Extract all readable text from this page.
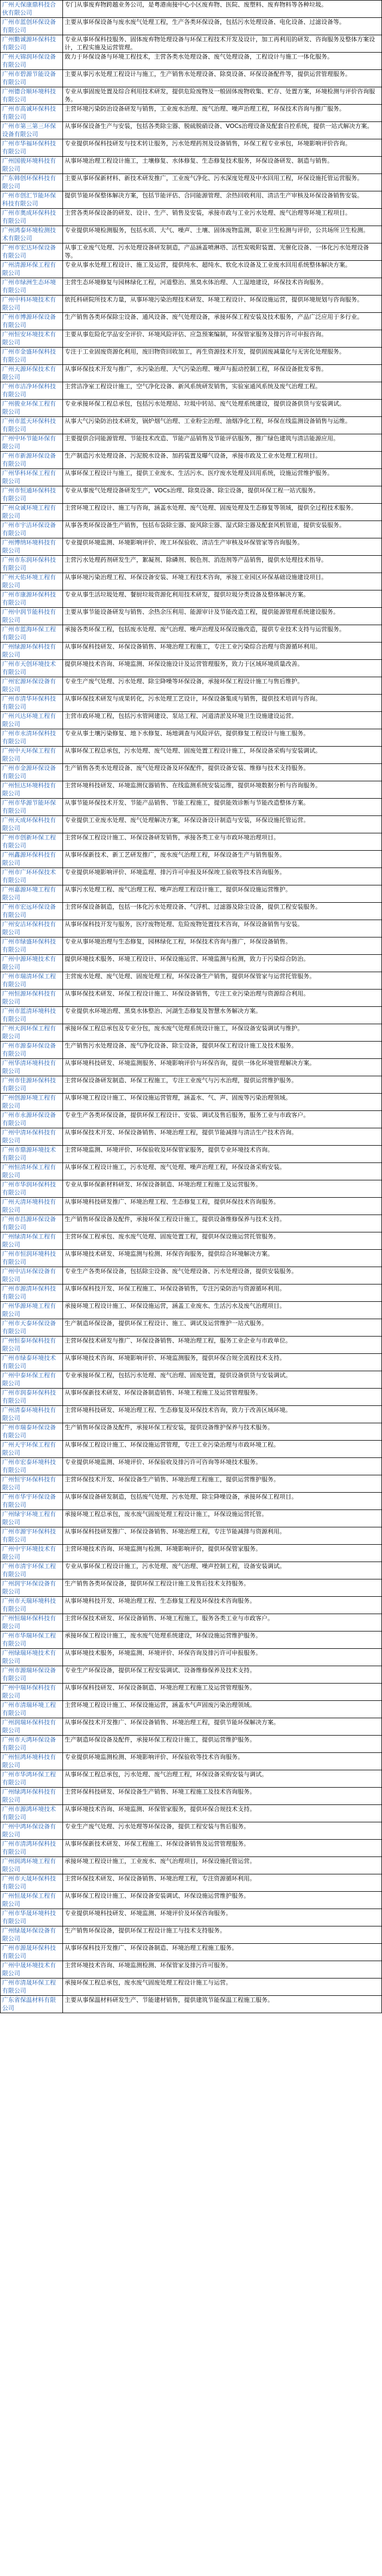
广州天保康鼎科技合伙有限公司	专门从事废弃物跨越业务公司，是粤港南接中心小区废弃物、医院、废塑料、废弃物料等各种垃圾。
广州市蓝创环保设备有限公司	主要从事环保设备与废水废气处理工程，生产各类环保设备，包括污水处理设备、电化设备、过滤设备等。
广州勤诚源环保科技有限公司	专业从事环保科技服务、固体废弃物处理设备与环保工程技术开发及设计，加工再利用的研发、咨询服务及整体方案设计，工程实施及运营管理。
广州天锦润环保设备有限公司	致力于环保设备与环境工程技术，主营各类水处理设备、废气处理设备，工程设计与施工一体化服务。
广州市碧源节能设备有限公司	主要从事污水处理工程设计与施工，生产销售水处理设备、除臭设备、环保设备配件等，提供运营管理服务。
广州德合顺环境科技有限公司	专业从事固废处置及综合利用技术研发，提供危险废物及一般固体废物收集、贮存、处置方案，环境检测与评价咨询服务。
广州市高诚环保科技有限公司	主营环境污染防治设备研发与销售，工业废水治理、废气治理、噪声治理工程，环保技术咨询与推广服务。
广州市第三第三环保设备有限公司	从事环保设备生产与安装，包括各类除尘器、脱硫脱硝设备、VOCs治理设备及配套自控系统，提供一站式解决方案。
广州市华福环保科技有限公司	专业提供环保科技研发与技术转让服务，污水处理药剂及设备销售，环保工程专业承包，环境影响评价咨询。
广州国骏环境科技有限公司	从事环境治理工程设计施工，土壤修复、水体修复、生态修复技术服务，环保设备研发、制造与销售。
广东韩创环保科技有限公司	主要从事环保新材料、新技术研发推广，工业废气净化、污水深度处理及中水回用工程，环保设施托管运营服务。
广州市创汇节能环保科技有限公司	提供节能环保整体解决方案，包括节能评估、合同能源管理、余热回收利用、清洁生产审核及环保设备销售安装。
广州市奥成环保科技有限公司	主营各类环保设备的研发、设计、生产、销售及安装，承接市政与工业污水处理、废气治理等环境工程项目。
广州鸿泰环境检测技术有限公司	专业提供环境检测服务，包括水质、大气、噪声、土壤、固体废物监测，职业卫生检测与评价，公共场所卫生检测。
广州市宏达环保设备有限公司	从事工业废气处理、污水处理设备研发制造，产品涵盖喷淋塔、活性炭吸附装置、光催化设备、一体化污水处理设备等。
广州清源环保工程有限公司	专业从事水处理工程设计、施工及运营，提供纯水、超纯水、软化水设备及工业废水回用系统整体解决方案。
广州市绿洲生态环境有限公司	主营生态环境修复与园林绿化工程，河道整治、黑臭水体治理、人工湿地建设，环保技术咨询服务。
广州中科环境技术有限公司	依托科研院所技术力量，从事环境污染治理技术研发、环境工程设计、环保设施运营，提供环境规划与咨询服务。
广州市博源环保设备有限公司	生产销售各类环保除尘设备、通风设备、废气处理设备，承接环保工程安装及技术服务，产品广泛应用于多行业。
广州恒安环境技术有限公司	主要从事危险化学品安全评价、环境风险评估、应急预案编制，环保管家服务及排污许可申报咨询。
广州市金盛环保科技有限公司	专注于工业固废资源化利用，废旧物资回收加工，再生资源技术开发，提供固废减量化与无害化处理服务。
广州天源环保技术有限公司	从事环保技术开发与推广，水污染治理、大气污染治理、噪声与振动控制工程，环保设备批发零售。
广州市洁净环保科技有限公司	主营洁净室工程设计施工，空气净化设备、新风系统研发销售，实验室通风系统及废气治理工程。
广州骏业环保工程有限公司	专业承接环保工程总承包，包括污水处理站、垃圾中转站、废气处理系统建设，提供设备供货与安装调试。
广州市蓝天环保科技有限公司	从事大气污染防治技术研发，锅炉烟气治理、工业粉尘治理、油烟净化工程，环保在线监测设备销售与运维。
广州中环节能环保有限公司	主要提供合同能源管理、节能技术改造、节能产品销售及节能评估服务，推广绿色建筑与清洁能源应用。
广州市新源环保设备有限公司	生产制造污水处理设备、污泥脱水设备、加药装置及曝气设备，承接市政及工业水处理工程项目。
广州华科环保工程有限公司	从事环保工程设计与施工，提供工业废水、生活污水、医疗废水处理及回用系统，设施运营维护服务。
广州市恒通环保科技有限公司	专业从事废气处理设备研发生产，VOCs治理、除臭设备、除尘设备，提供环保工程一站式服务。
广州众诚环境工程有限公司	主营环境工程设计、施工与咨询，涵盖水处理、废气处理、固废处理及生态修复等领域，提供全过程技术服务。
广州市宇洁环保设备有限公司	从事各类环保设备生产销售，包括布袋除尘器、旋风除尘器、湿式除尘器及配套风机管道，提供安装服务。
广州博纳环境科技有限公司	专业提供环境监测、环境影响评价、竣工环保验收、清洁生产审核及环保管家等咨询服务。
广州市东润环保科技有限公司	主营污水处理药剂研发生产，絮凝剂、除磷剂、脱色剂、消泡剂等产品销售，提供水处理技术指导。
广州天佑环境工程有限公司	从事环境污染治理工程、环保设备安装、环境工程技术咨询，承接工业园区环保基础设施建设项目。
广州市康源环保科技有限公司	专业从事生活垃圾处理、餐厨垃圾资源化利用技术研发，提供垃圾分类设备及整体解决方案。
广州中润节能科技有限公司	主要从事节能设备研发与销售、余热余压利用、能源审计及节能改造工程，提供能源管理系统建设服务。
广州市蓝海环保工程有限公司	承接各类环保工程，包括废水处理、废气治理、噪声治理及环保设施改造，提供专业技术支持与运营服务。
广州绿源环保科技有限公司	从事环保科技研发、环保设备销售、环境治理工程施工，专注工业污染综合治理与资源循环利用。
广州市天创环境技术有限公司	提供环境技术咨询、环境监测、环保设施设计及运营管理服务，致力于区域环境质量改善。
广州宏源环保设备有限公司	专业生产废气处理、污水处理、除尘降噪等环保设备，承接环保工程设计施工与售后维护。
广州市清华环保科技有限公司	从事环保技术研发与成果转化，污水处理工艺设计，环保设备集成与销售，提供技术培训与咨询。
广州兴达环境工程有限公司	主营市政环境工程，包括污水管网建设、泵站工程、河道清淤及环境卫生设施建设运营。
广州市永清环保科技有限公司	专业从事土壤污染修复、地下水修复、场地调查与风险评估，提供修复工程设计与施工服务。
广州中天环保工程有限公司	从事环保工程总承包，污水处理、废气处理、固废处置工程设计施工，环保设备采购与安装调试。
广州市金源环保设备有限公司	生产销售各类水处理设备、废气处理设备及环保配件，提供设备安装、维修与技术支持服务。
广州恒达环境科技有限公司	主营环境科技研发、环境监测仪器销售、在线监测系统安装运维，提供环境数据分析与咨询服务。
广州市华源节能环保有限公司	从事节能环保技术开发、节能产品销售、节能工程施工，提供能效诊断与节能改造整体方案。
广州天成环保科技有限公司	专业提供工业废水处理、废气处理解决方案，环保设备设计制造与安装，环保设施托管运营。
广州市创新环保工程有限公司	主营环保工程设计施工、环保设备研发销售，承接各类工业与市政环境治理项目。
广州鑫源环保科技有限公司	从事环保新技术、新工艺研发推广，废水废气治理工程，环保设备生产与销售服务。
广州市广环环保技术有限公司	专业提供环境影响评价、环境监理、排污许可申报及环保竣工验收等技术咨询服务。
广州嘉源环境工程有限公司	从事污水处理工程、废气治理工程、噪声治理工程设计施工，提供环保设施运营维护。
广州市宏远环保设备有限公司	主营环保设备制造，包括一体化污水处理设备、气浮机、过滤器及除尘设备，提供工程安装服务。
广州安洁环保科技有限公司	从事环保科技开发与服务，医疗废物处理、危险废物处置技术咨询，环保设备销售与安装。
广州市绿盛环保科技有限公司	专业从事环境治理与生态修复，园林绿化工程，环保技术咨询与推广，环保设备销售。
广州中源环境技术有限公司	提供环境技术服务、环境工程设计、环保设施运营、环境监测与检测，致力于污染综合防治。
广州市瑞清环保工程有限公司	主营废水处理、废气处理、固废处理工程，环保设备生产销售，提供环保管家与运营托管服务。
广州恒源环保科技有限公司	从事环保技术研发、环保工程设计施工、环保设备销售，专注工业污染治理与资源综合利用。
广州市蓝清环境科技有限公司	专业提供水环境治理、黑臭水体整治、河湖生态修复及智慧水务解决方案。
广州天润环保工程有限公司	承接环保工程总承包及专业分包，废水废气处理系统设计施工，环保设备安装调试与维护。
广州市源泰环保设备有限公司	生产销售污水处理设备、废气净化设备、除尘设备，提供环保工程设计施工及技术服务。
广州华清环境科技有限公司	从事环境科技研发、环境监测服务、环境影响评价与环保咨询，提供一体化环境管理解决方案。
广州市佳源环保科技有限公司	主营环保设备研发制造、环保工程施工，专注工业废气与污水治理，提供运营维护服务。
广州创源环境工程有限公司	从事环境工程设计施工、环保设施运营管理，涵盖水、气、声、固废等污染治理领域。
广州市永源环保设备有限公司	专业生产各类环保设备，提供环保工程设计、安装、调试及售后服务，服务工业与市政客户。
广州中清环保科技有限公司	从事环保技术开发、环保设备销售、环境治理工程，提供节能减排与清洁生产技术咨询。
广州市鼎源环境技术有限公司	主营环境监测、环境评价、环保验收及环保管家服务，提供专业环境技术咨询。
广州恒清环保工程有限公司	从事环保工程设计施工，污水处理、废气处理、噪声治理工程，环保设备采购安装。
广州市华润环保科技有限公司	专业从事环保新材料研发、环保设备制造、环境治理工程施工及运营服务。
广州天清环境科技有限公司	从事环境科技研发推广、环境治理工程、生态修复工程，提供环保技术咨询服务。
广州市昌源环保设备有限公司	生产销售环保设备及配件，承接环保工程设计施工，提供设备维修保养与技术支持。
广州绿清环保工程有限公司	主营环保工程承包、废水废气处理、固废处置工程，提供环保设施运营托管服务。
广州市恒润环境科技有限公司	从事环境技术研发、环境监测与检测、环保咨询服务，提供综合环境解决方案。
广州中洁环保设备有限公司	专业生产各类环保设备，包括除尘设备、废气处理设备、污水处理设备，提供安装服务。
广州市源清环保科技有限公司	从事环保科技开发、环保工程施工、环保设备销售，专注污染防治与资源循环利用。
广州华源环境工程有限公司	承接环境工程设计施工、环保设施运营，涵盖工业废水、生活污水及废气治理项目。
广州市天泰环保设备有限公司	生产制造环保设备，提供环保工程设计、施工、调试及运营维护一站式服务。
广州恒泰环保科技有限公司	主营环保技术研发与推广、环保设备销售、环境治理工程，服务工业企业与市政单位。
广州市绿泰环境技术有限公司	从事环境技术咨询、环境影响评价、环境监测服务，提供环保合规全流程技术支持。
广州中泰环保工程有限公司	专业承接环保工程，包括污水处理、废气治理、固废处置，提供设备供货与安装调试。
广州市润泰环保科技有限公司	从事环保新技术研发、环保设备制造销售、环境工程施工及运营管理服务。
广州清泰环境科技有限公司	主营环境科技研发、环境治理工程、生态修复及环保技术咨询，致力于改善区域环境。
广州市瑞泰环保设备有限公司	生产销售环保设备及配件，承接环保工程安装，提供设备维护保养与技术服务。
广州天宇环保工程有限公司	从事环保工程设计施工、环保设施运营管理，专注工业污染治理与市政环境工程。
广州市宏泰环境科技有限公司	专业提供环境监测、环境评价、环保验收及排污许可咨询等环境技术服务。
广州恒宇环保科技有限公司	主营环保技术开发、环保设备生产销售、环境治理工程施工，提供运营维护服务。
广州市华宇环保设备有限公司	从事环保设备研发制造，包括废气处理、污水处理、除尘降噪设备，承接环保工程项目。
广州绿宇环境工程有限公司	承接环境工程总承包，废水废气固废处理工程设计施工，环保设施运营托管。
广州市源宇环保科技有限公司	从事环保科技研发推广、环保设备销售、环境治理工程，专注节能减排与资源利用。
广州中宇环境技术有限公司	主营环境技术咨询、环境监测与检测、环境影响评价，提供环保管家服务。
广州市清宇环保工程有限公司	专业从事环保工程设计施工，污水处理、废气治理、噪声控制工程，设备安装调试。
广州润宇环保设备有限公司	生产销售各类环保设备，提供环保工程设计施工及售后技术支持服务。
广州市天瑞环境科技有限公司	从事环境科技开发、环境治理工程、生态修复工程及环保技术咨询服务。
广州恒瑞环保科技有限公司	主营环保技术研发、环保设备销售、环境工程施工，服务各类工业与市政客户。
广州市华瑞环保工程有限公司	承接环保工程设计施工，废水废气处理系统建设，环保设施运营维护服务。
广州绿瑞环境技术有限公司	从事环境技术服务，环境监测、环境评价、环保咨询及排污许可申报服务。
广州市源瑞环保设备有限公司	专业生产环保设备，提供环保工程安装调试、设备维修保养及技术支持。
广州中瑞环保科技有限公司	从事环保科技研发、环保设备制造、环境治理工程施工及运营管理服务。
广州市清瑞环境工程有限公司	主营环境工程设计施工、环保设施运营，涵盖水气声固废污染治理领域。
广州润瑞环保科技有限公司	从事环保技术开发推广、环保设备销售、环境治理工程，提供节能环保解决方案。
广州市天鸿环保设备有限公司	生产制造环保设备及配件，承接环保工程设计施工，提供运营维护服务。
广州恒鸿环境科技有限公司	专业提供环境监测检测、环境影响评价、环保验收等技术咨询服务。
广州市华鸿环保工程有限公司	从事环保工程总承包，污水处理、废气治理工程，环保设备采购安装与调试。
广州绿鸿环保科技有限公司	主营环保科技研发、环保设备生产销售、环境工程施工及技术咨询服务。
广州市源鸿环境技术有限公司	从事环境技术咨询、环境监测、环保管家服务，提供环保合规技术支持。
广州中鸿环保设备有限公司	专业生产废气处理、污水处理等环保设备，提供工程安装与售后服务。
广州市清鸿环保科技有限公司	从事环保新技术研发、环保工程施工、环保设备销售及运营管理服务。
广州润鸿环境工程有限公司	承接环境工程设计施工，工业废水、废气治理项目，环保设施托管运营。
广州市天晟环保科技有限公司	主营环保技术研发、环保设备销售、环境治理工程，专注资源循环利用。
广州恒晟环保工程有限公司	从事环保工程设计施工、环保设备安装调试、环保设施运营维护服务。
广州市华晟环境科技有限公司	专业提供环境科技研发、环境监测、环境评价及环保咨询服务。
广州绿晟环保设备有限公司	生产销售环保设备，提供环保工程设计施工与技术支持服务。
广州市源晟环保科技有限公司	从事环保科技开发推广、环保设备制造、环境治理工程施工服务。
广州中晟环境技术有限公司	主营环境技术咨询、环境监测检测、环保管家及排污许可服务。
广州市清晟环保工程有限公司	承接环保工程总承包，废水废气固废处理工程设计施工与运营。
广东省保温材料有限公司	主要从事保温材料研发生产、节能建材销售，提供建筑节能保温工程施工服务。
